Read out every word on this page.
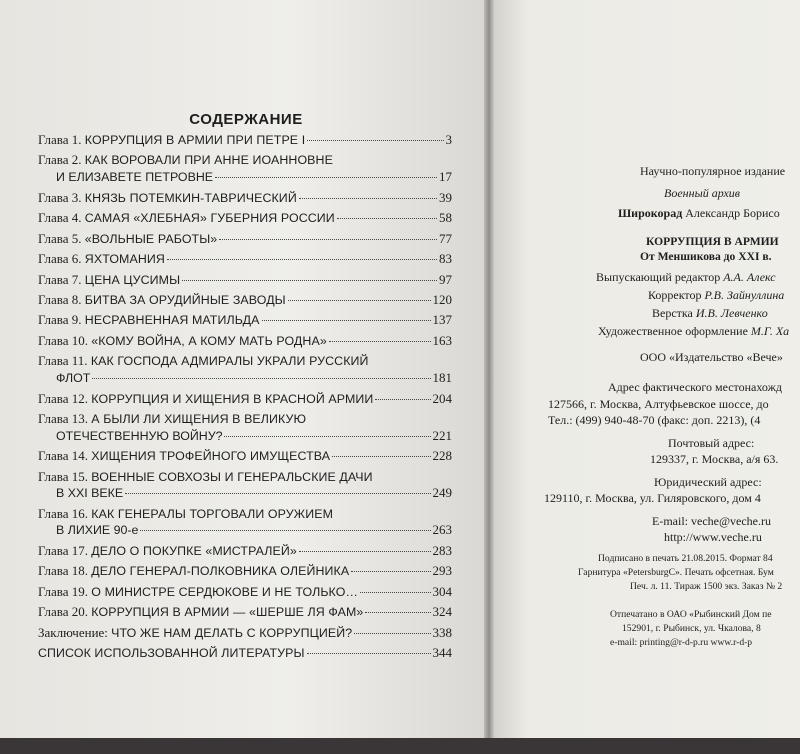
СОДЕРЖАНИЕ
Глава 1. КОРРУПЦИЯ В АРМИИ ПРИ ПЕТРЕ I	3
Глава 2. КАК ВОРОВАЛИ ПРИ АННЕ ИОАННОВНЕ
И ЕЛИЗАВЕТЕ ПЕТРОВНЕ	17
Глава 3. КНЯЗЬ ПОТЕМКИН-ТАВРИЧЕСКИЙ	39
Глава 4. САМАЯ «ХЛЕБНАЯ» ГУБЕРНИЯ РОССИИ	58
Глава 5. «ВОЛЬНЫЕ РАБОТЫ»	77
Глава 6. ЯХТОМАНИЯ	83
Глава 7. ЦЕНА ЦУСИМЫ	97
Глава 8. БИТВА ЗА ОРУДИЙНЫЕ ЗАВОДЫ	120
Глава 9. НЕСРАВНЕННАЯ МАТИЛЬДА	137
Глава 10. «КОМУ ВОЙНА, А КОМУ МАТЬ РОДНА»	163
Глава 11. КАК ГОСПОДА АДМИРАЛЫ УКРАЛИ РУССКИЙ
ФЛОТ	181
Глава 12. КОРРУПЦИЯ И ХИЩЕНИЯ В КРАСНОЙ АРМИИ	204
Глава 13. А БЫЛИ ЛИ ХИЩЕНИЯ В ВЕЛИКУЮ
ОТЕЧЕСТВЕННУЮ ВОЙНУ?	221
Глава 14. ХИЩЕНИЯ ТРОФЕЙНОГО ИМУЩЕСТВА	228
Глава 15. ВОЕННЫЕ СОВХОЗЫ И ГЕНЕРАЛЬСКИЕ ДАЧИ
В XXI ВЕКЕ	249
Глава 16. КАК ГЕНЕРАЛЫ ТОРГОВАЛИ ОРУЖИЕМ
В ЛИХИЕ 90-е	263
Глава 17. ДЕЛО О ПОКУПКЕ «МИСТРАЛЕЙ»	283
Глава 18. ДЕЛО ГЕНЕРАЛ-ПОЛКОВНИКА ОЛЕЙНИКА	293
Глава 19. О МИНИСТРЕ СЕРДЮКОВЕ И НЕ ТОЛЬКО…	304
Глава 20. КОРРУПЦИЯ В АРМИИ — «ШЕРШЕ ЛЯ ФАМ»	324
Заключение: ЧТО ЖЕ НАМ ДЕЛАТЬ С КОРРУПЦИЕЙ?	338
СПИСОК ИСПОЛЬЗОВАННОЙ ЛИТЕРАТУРЫ	344
Научно-популярное издание
Военный архив
Широкорад Александр Борисо
КОРРУПЦИЯ В АРМИИ
От Меншикова до XXI в.
Выпускающий редактор А.А. Алекс
Корректор Р.В. Зайнуллина
Верстка И.В. Левченко
Художественное оформление М.Г. Ха
ООО «Издательство «Вече»
Адрес фактического местонахожд
127566, г. Москва, Алтуфьевское шоссе, до
Тел.: (499) 940-48-70 (факс: доп. 2213), (4
Почтовый адрес:
129337, г. Москва, а/я 63.
Юридический адрес:
129110, г. Москва, ул. Гиляровского, дом 4
E-mail: veche@veche.ru
http://www.veche.ru
Подписано в печать 21.08.2015. Формат 84
Гарнитура «PetersburgC». Печать офсетная. Бум
Печ. л. 11. Тираж 1500 экз. Заказ № 2
Отпечатано в ОАО «Рыбинский Дом пе
152901, г. Рыбинск, ул. Чкалова, 8
e-mail: printing@r-d-p.ru www.r-d-p
